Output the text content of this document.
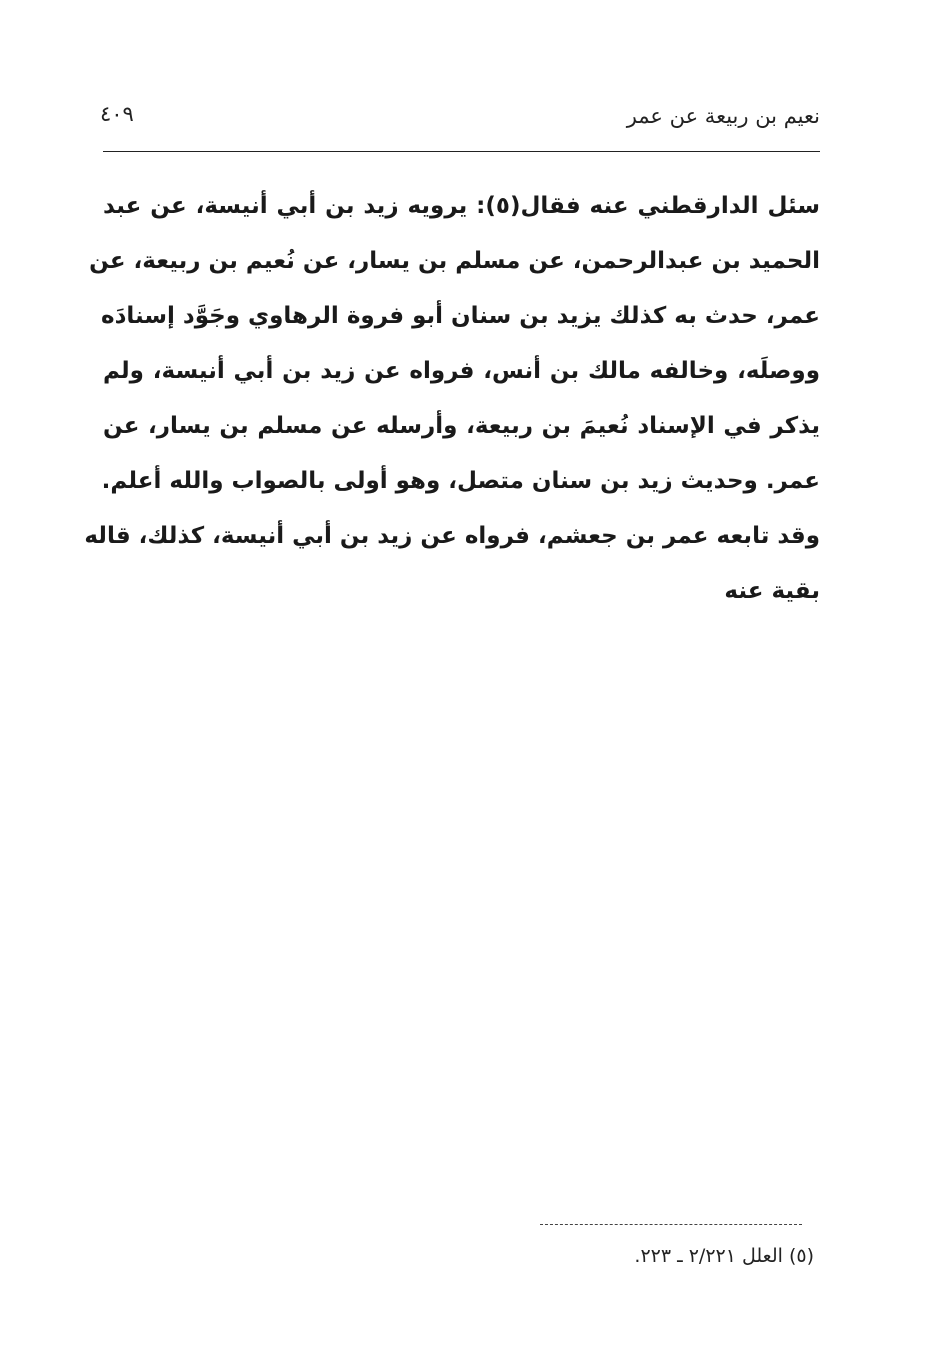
نعيم بن ربيعة عن عمر
٤٠٩
سئل الدارقطني عنه فقال(٥): يرويه زيد بن أبي أنيسة، عن عبد
الحميد بن عبدالرحمن، عن مسلم بن يسار، عن نُعيم بن ربيعة، عن
عمر، حدث به كذلك يزيد بن سنان أبو فروة الرهاوي وجَوَّد إسنادَه
ووصلَه، وخالفه مالك بن أنس، فرواه عن زيد بن أبي أنيسة، ولم
يذكر في الإسناد نُعيمَ بن ربيعة، وأرسله عن مسلم بن يسار، عن
عمر. وحديث زيد بن سنان متصل، وهو أولى بالصواب والله أعلم.
وقد تابعه عمر بن جعشم، فرواه عن زيد بن أبي أنيسة، كذلك، قاله
بقية عنه
(٥) العلل ٢/٢٢١ ـ ٢٢٣.
